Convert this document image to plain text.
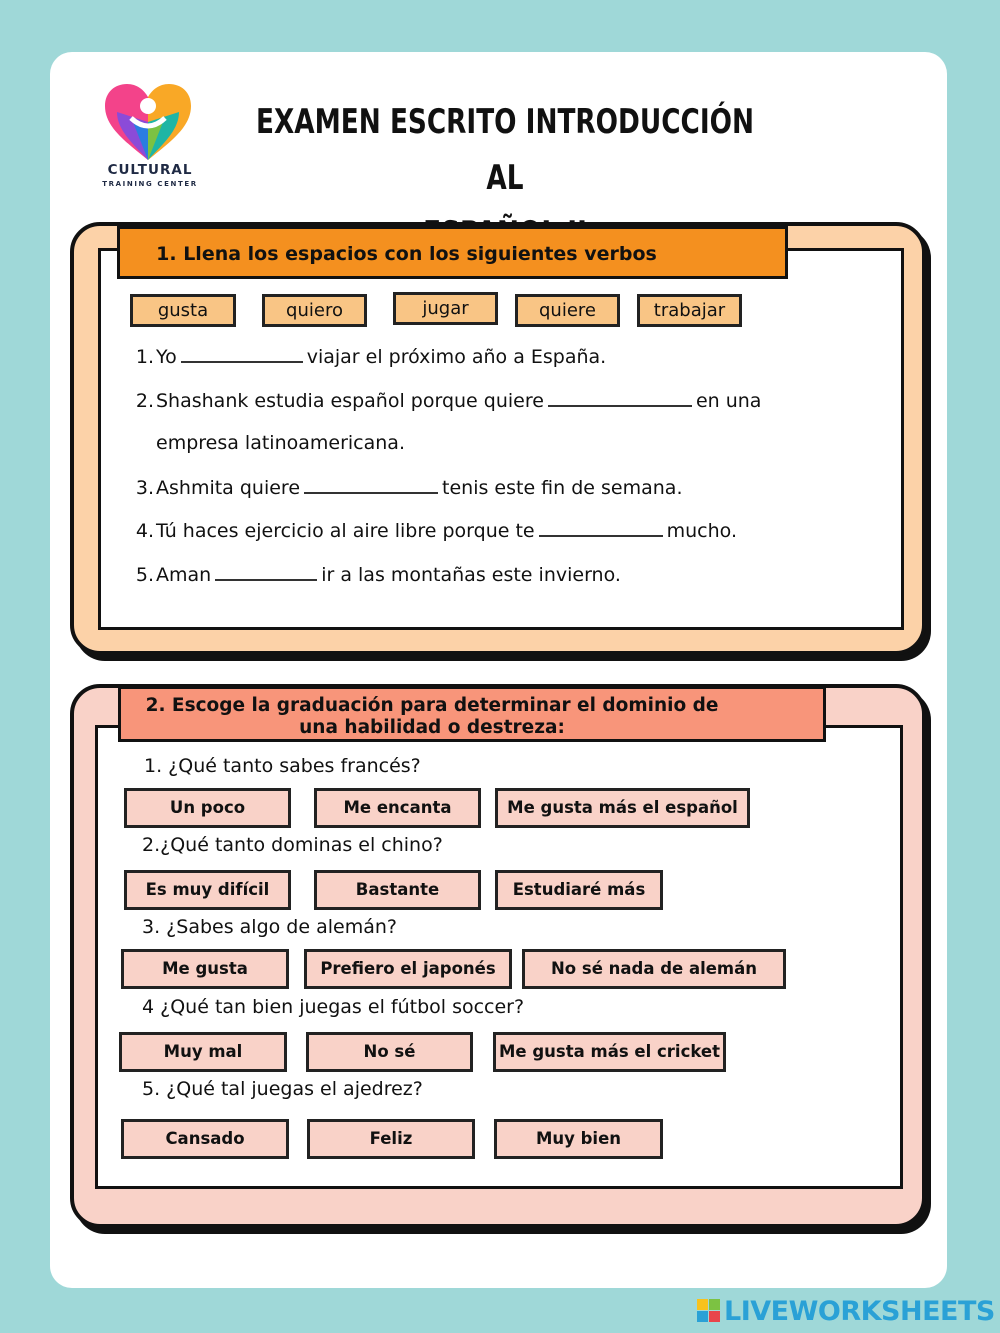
CULTURAL
TRAINING CENTER
EXAMEN ESCRITO INTRODUCCIÓN AL
1. Llena los espacios con los siguientes verbos
gusta	quiero	jugar	quiere	trabajar
1. Yo	viajar el próximo año a España.
2. Shashank estudia español porque quiere	en una
empresa latinoamericana.
3. Ashmita quiere	tenis este fin de semana.
4. Tú haces ejercicio al aire libre porque te	mucho.
5. Aman	ir a las montañas este invierno.
2. Escoge la graduación para determinar el dominio de
una habilidad o destreza:
1. ¿Qué tanto sabes francés?
Un poco	Me encanta	Me gusta más el español
2.¿Qué tanto dominas el chino?
Es muy difícil	Bastante	Estudiaré más
3. ¿Sabes algo de alemán?
Me gusta	Prefiero el japonés	No sé nada de alemán
4 ¿Qué tan bien juegas el fútbol soccer?
Muy mal	No sé	Me gusta más el cricket
5. ¿Qué tal juegas el ajedrez?
Cansado	Feliz	Muy bien
LIVEWORKSHEETS
